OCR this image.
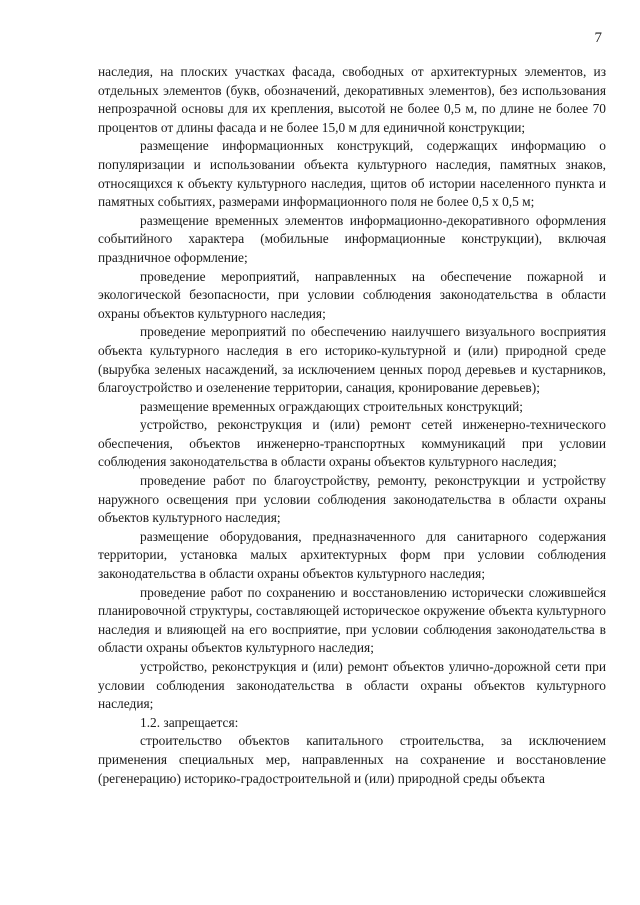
7

наследия, на плоских участках фасада, свободных от архитектурных элементов, из отдельных элементов (букв, обозначений, декоративных элементов), без использования непрозрачной основы для их крепления, высотой не более 0,5 м, по длине не более 70 процентов от длины фасада и не более 15,0 м для единичной конструкции;

размещение информационных конструкций, содержащих информацию о популяризации и использовании объекта культурного наследия, памятных знаков, относящихся к объекту культурного наследия, щитов об истории населенного пункта и памятных событиях, размерами информационного поля не более 0,5 х 0,5 м;

размещение временных элементов информационно-декоративного оформления событийного характера (мобильные информационные конструкции), включая праздничное оформление;

проведение мероприятий, направленных на обеспечение пожарной и экологической безопасности, при условии соблюдения законодательства в области охраны объектов культурного наследия;

проведение мероприятий по обеспечению наилучшего визуального восприятия объекта культурного наследия в его историко-культурной и (или) природной среде (вырубка зеленых насаждений, за исключением ценных пород деревьев и кустарников, благоустройство и озеленение территории, санация, кронирование деревьев);

размещение временных ограждающих строительных конструкций;

устройство, реконструкция и (или) ремонт сетей инженерно-технического обеспечения, объектов инженерно-транспортных коммуникаций при условии соблюдения законодательства в области охраны объектов культурного наследия;

проведение работ по благоустройству, ремонту, реконструкции и устройству наружного освещения при условии соблюдения законодательства в области охраны объектов культурного наследия;

размещение оборудования, предназначенного для санитарного содержания территории, установка малых архитектурных форм при условии соблюдения законодательства в области охраны объектов культурного наследия;

проведение работ по сохранению и восстановлению исторически сложившейся планировочной структуры, составляющей историческое окружение объекта культурного наследия и влияющей на его восприятие, при условии соблюдения законодательства в области охраны объектов культурного наследия;

устройство, реконструкция и (или) ремонт объектов улично-дорожной сети при условии соблюдения законодательства в области охраны объектов культурного наследия;

1.2. запрещается:

строительство объектов капитального строительства, за исключением применения специальных мер, направленных на сохранение и восстановление (регенерацию) историко-градостроительной и (или) природной среды объекта
